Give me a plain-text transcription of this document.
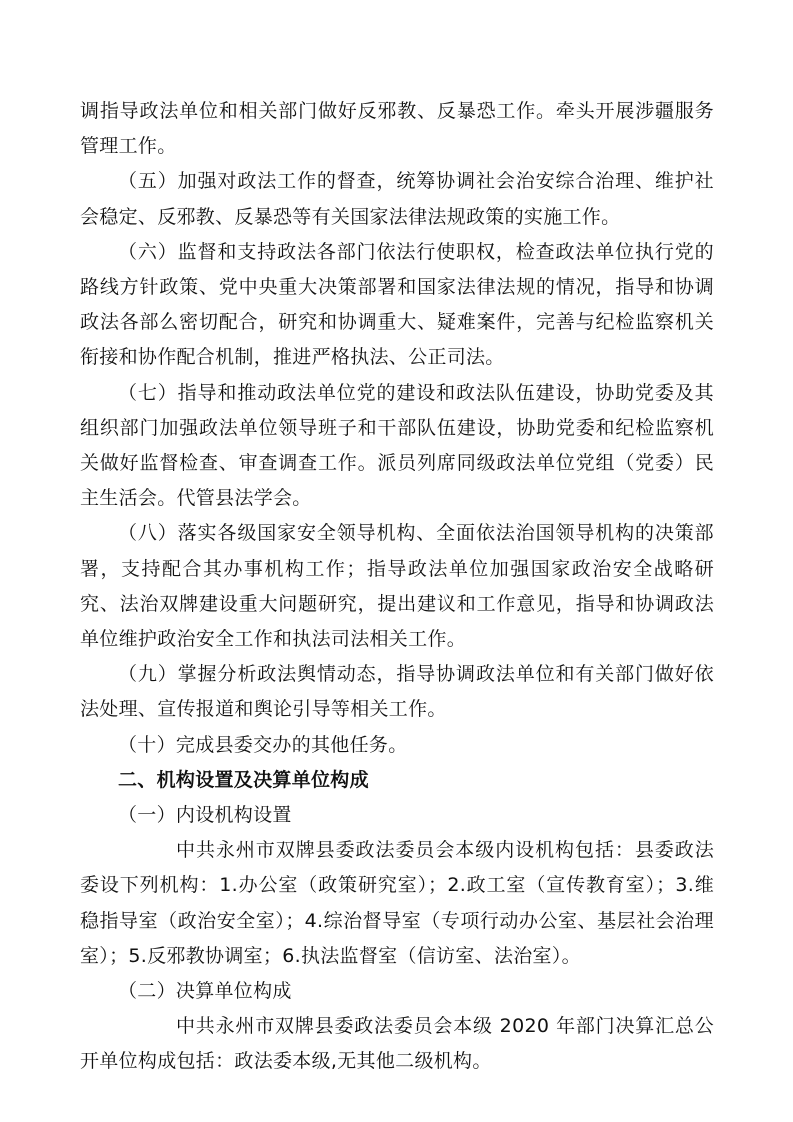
调指导政法单位和相关部门做好反邪教、反暴恐工作。牵头开展涉疆服务管理工作。

（五）加强对政法工作的督查，统筹协调社会治安综合治理、维护社会稳定、反邪教、反暴恐等有关国家法律法规政策的实施工作。

（六）监督和支持政法各部门依法行使职权，检查政法单位执行党的路线方针政策、党中央重大决策部署和国家法律法规的情况，指导和协调政法各部么密切配合，研究和协调重大、疑难案件，完善与纪检监察机关衔接和协作配合机制，推进严格执法、公正司法。

（七）指导和推动政法单位党的建设和政法队伍建设，协助党委及其组织部门加强政法单位领导班子和干部队伍建设，协助党委和纪检监察机关做好监督检查、审查调查工作。派员列席同级政法单位党组（党委）民主生活会。代管县法学会。

（八）落实各级国家安全领导机构、全面依法治国领导机构的决策部署，支持配合其办事机构工作；指导政法单位加强国家政治安全战略研究、法治双牌建设重大问题研究，提出建议和工作意见，指导和协调政法单位维护政治安全工作和执法司法相关工作。

（九）掌握分析政法舆情动态，指导协调政法单位和有关部门做好依法处理、宣传报道和舆论引导等相关工作。

（十）完成县委交办的其他任务。

二、机构设置及决算单位构成

（一）内设机构设置

中共永州市双牌县委政法委员会本级内设机构包括：县委政法委设下列机构：1.办公室（政策研究室）；2.政工室（宣传教育室）；3.维稳指导室（政治安全室）；4.综治督导室（专项行动办公室、基层社会治理室）；5.反邪教协调室；6.执法监督室（信访室、法治室）。

（二）决算单位构成

中共永州市双牌县委政法委员会本级 2020 年部门决算汇总公开单位构成包括：政法委本级,无其他二级机构。
